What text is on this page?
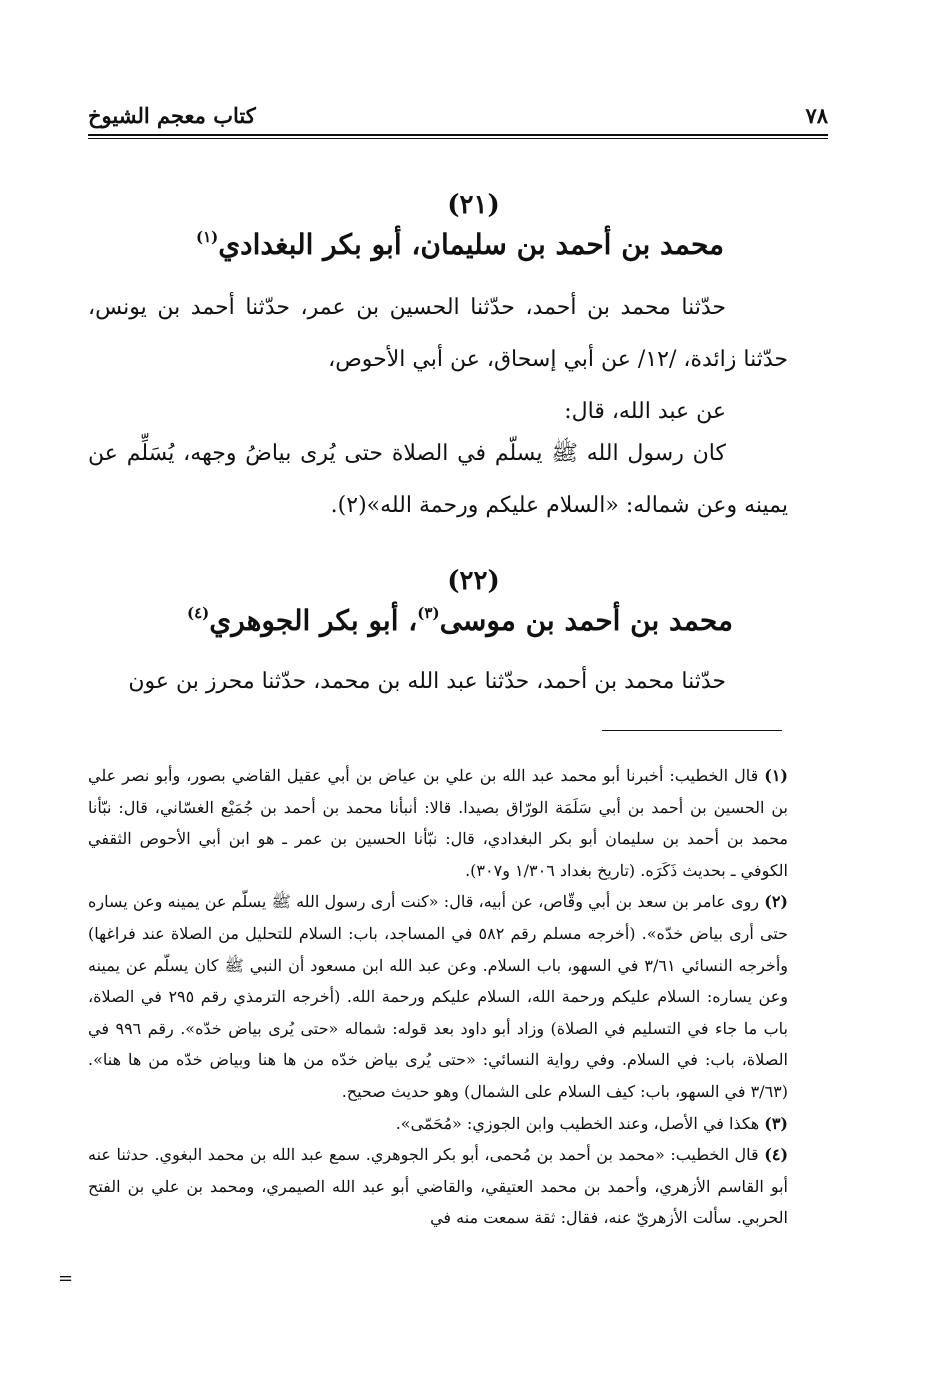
٧٨
كتاب معجم الشيوخ
(٢١)
محمد بن أحمد بن سليمان، أبو بكر البغدادي$^{(١)}$

حدّثنا محمد بن أحمد، حدّثنا الحسين بن عمر، حدّثنا أحمد بن يونس، حدّثنا زائدة، /١٢/ عن أبي إسحاق، عن أبي الأحوص،

عن عبد الله، قال:

كان رسول الله ﷺ يسلّم في الصلاة حتى يُرى بياضُ وجهه، يُسَلِّم عن يمينه وعن شماله: «السلام عليكم ورحمة الله»(٢).

(٢٢)
محمد بن أحمد بن موسى$^{(٣)}$، أبو بكر الجوهري$^{(٤)}$

حدّثنا محمد بن أحمد، حدّثنا عبد الله بن محمد، حدّثنا محرز بن عون

(١) قال الخطيب: أخبرنا أبو محمد عبد الله بن علي بن عياض بن أبي عقيل القاضي بصور، وأبو نصر علي بن الحسين بن أحمد بن أبي سَلَمَة الورّاق بصيدا. قالا: أنبأنا محمد بن أحمد بن جُمَيْع الغسّاني، قال: نبّأنا محمد بن أحمد بن سليمان أبو بكر البغدادي، قال: نبّأنا الحسين بن عمر ـ هو ابن أبي الأحوص الثقفي الكوفي ـ بحديث ذَكَرَه. (تاريخ بغداد ١/٣٠٦ و٣٠٧).

(٢) روى عامر بن سعد بن أبي وقّاص، عن أبيه، قال: «كنت أرى رسول الله ﷺ يسلّم عن يمينه وعن يساره حتى أرى بياض خدّه». (أخرجه مسلم رقم ٥٨٢ في المساجد، باب: السلام للتحليل من الصلاة عند فراغها) وأخرجه النسائي ٣/٦١ في السهو، باب السلام. وعن عبد الله ابن مسعود أن النبي ﷺ كان يسلّم عن يمينه وعن يساره: السلام عليكم ورحمة الله، السلام عليكم ورحمة الله. (أخرجه الترمذي رقم ٢٩٥ في الصلاة، باب ما جاء في التسليم في الصلاة) وزاد أبو داود بعد قوله: شماله «حتى يُرى بياض خدّه». رقم ٩٩٦ في الصلاة، باب: في السلام. وفي رواية النسائي: «حتى يُرى بياض خدّه من ها هنا وبياض خدّه من ها هنا». (٣/٦٣ في السهو، باب: كيف السلام على الشمال) وهو حديث صحيح.

(٣) هكذا في الأصل، وعند الخطيب وابن الجوزي: «مُحَمّى».

(٤) قال الخطيب: «محمد بن أحمد بن مُحمى، أبو بكر الجوهري. سمع عبد الله بن محمد البغوي. حدثنا عنه أبو القاسم الأزهري، وأحمد بن محمد العتيقي، والقاضي أبو عبد الله الصيمري، ومحمد بن علي بن الفتح الحربي. سألت الأزهريّ عنه، فقال: ثقة سمعت منه في

=
